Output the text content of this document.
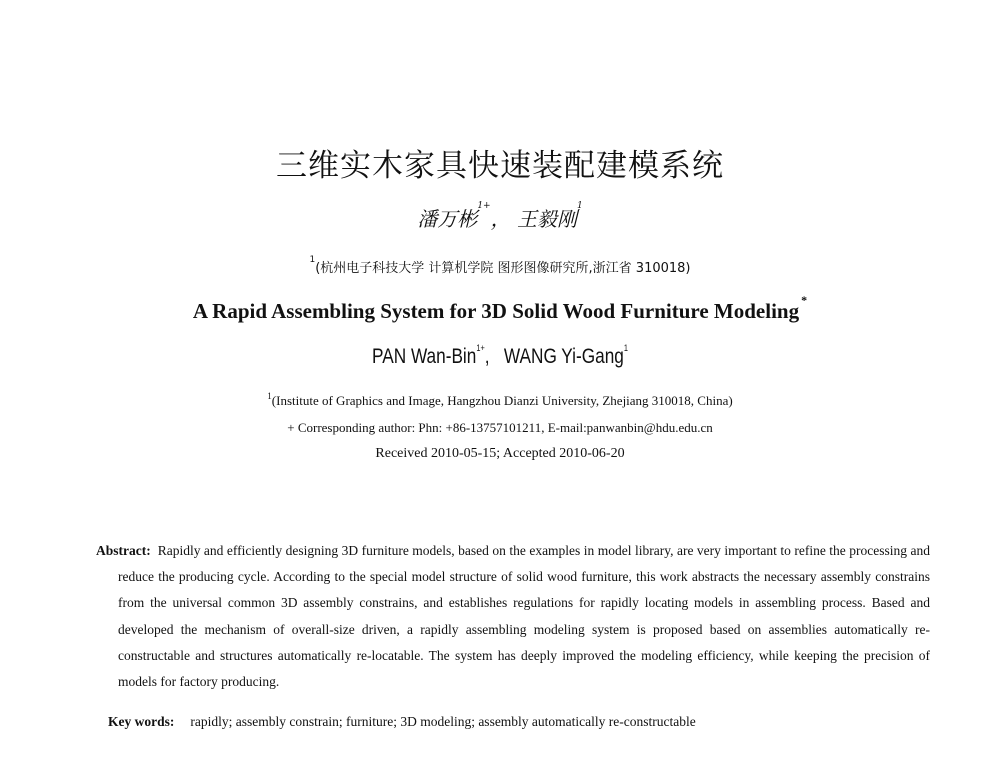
三维实木家具快速装配建模系统
潘万彬$^{1+}$， 王毅刚$^1$
$^1$(杭州电子科技大学 计算机学院 图形图像研究所,浙江省 310018)
A Rapid Assembling System for 3D Solid Wood Furniture Modeling *
PAN Wan-Bin$^{1+}$, WANG Yi-Gang$^1$
$^1$(Institute of Graphics and Image, Hangzhou Dianzi University, Zhejiang 310018, China)
+ Corresponding author: Phn: +86-13757101211, E-mail:panwanbin@hdu.edu.cn
Received 2010-05-15; Accepted 2010-06-20
Abstract: Rapidly and efficiently designing 3D furniture models, based on the examples in model library, are very important to refine the processing and reduce the producing cycle. According to the special model structure of solid wood furniture, this work abstracts the necessary assembly constrains from the universal common 3D assembly constrains, and establishes regulations for rapidly locating models in assembling process. Based and developed the mechanism of overall-size driven, a rapidly assembling modeling system is proposed based on assemblies automatically re-constructable and structures automatically re-locatable. The system has deeply improved the modeling efficiency, while keeping the precision of models for factory producing.
Key words: rapidly; assembly constrain; furniture; 3D modeling; assembly automatically re-constructable
